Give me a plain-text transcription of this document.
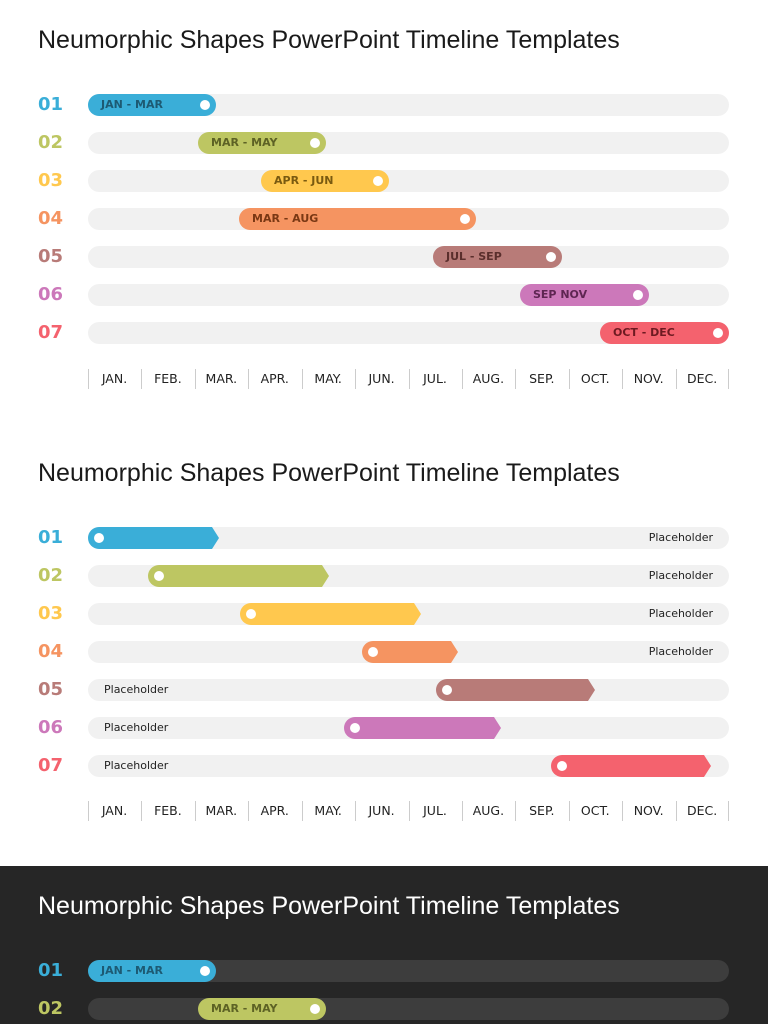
Neumorphic Shapes PowerPoint Timeline Templates
01	JAN - MAR
02	MAR - MAY
03	APR - JUN
04	MAR - AUG
05	JUL - SEP
06	SEP NOV
07	OCT - DEC
JAN.	FEB.	MAR.	APR.	MAY.	JUN.	JUL.	AUG.	SEP.	OCT.	NOV.	DEC.
Neumorphic Shapes PowerPoint Timeline Templates
01	Placeholder
02	Placeholder
03	Placeholder
04	Placeholder
05	Placeholder
06	Placeholder
07	Placeholder
JAN.	FEB.	MAR.	APR.	MAY.	JUN.	JUL.	AUG.	SEP.	OCT.	NOV.	DEC.
Neumorphic Shapes PowerPoint Timeline Templates
01	JAN - MAR
02	MAR - MAY
